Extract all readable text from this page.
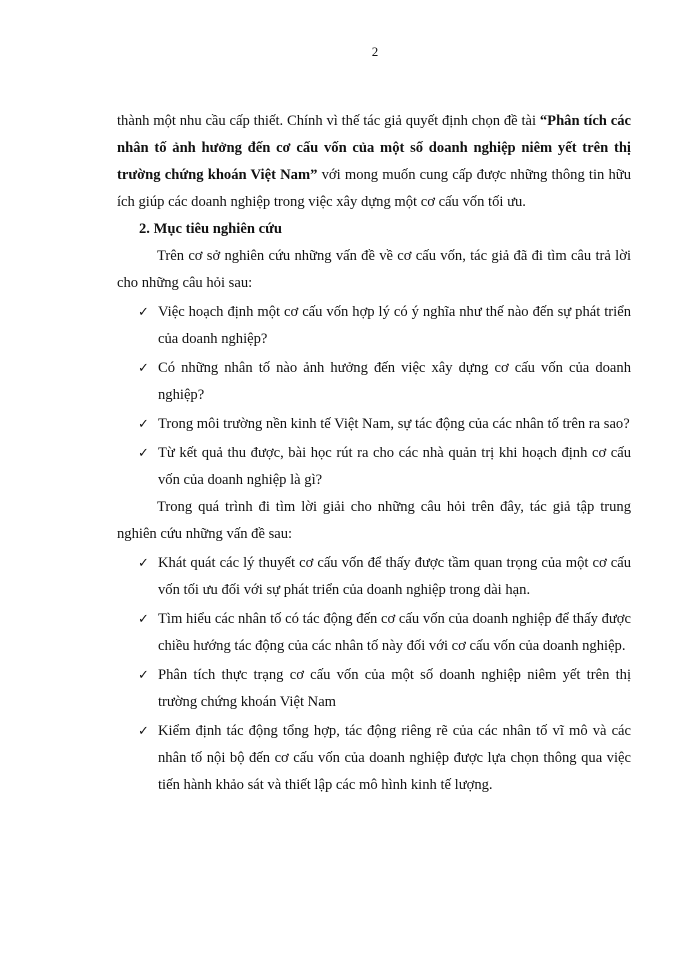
2

thành một nhu cầu cấp thiết. Chính vì thế tác giả quyết định chọn đề tài “Phân tích các nhân tố ảnh hưởng đến cơ cấu vốn của một số doanh nghiệp niêm yết trên thị trường chứng khoán Việt Nam” với mong muốn cung cấp được những thông tin hữu ích giúp các doanh nghiệp trong việc xây dựng một cơ cấu vốn tối ưu.

2. Mục tiêu nghiên cứu

Trên cơ sở nghiên cứu những vấn đề về cơ cấu vốn, tác giả đã đi tìm câu trả lời cho những câu hỏi sau:

✓ Việc hoạch định một cơ cấu vốn hợp lý có ý nghĩa như thế nào đến sự phát triển của doanh nghiệp?
✓ Có những nhân tố nào ảnh hưởng đến việc xây dựng cơ cấu vốn của doanh nghiệp?
✓ Trong môi trường nền kinh tế Việt Nam, sự tác động của các nhân tố trên ra sao?
✓ Từ kết quả thu được, bài học rút ra cho các nhà quản trị khi hoạch định cơ cấu vốn của doanh nghiệp là gì?

Trong quá trình đi tìm lời giải cho những câu hỏi trên đây, tác giả tập trung nghiên cứu những vấn đề sau:

✓ Khát quát các lý thuyết cơ cấu vốn để thấy được tầm quan trọng của một cơ cấu vốn tối ưu đối với sự phát triển của doanh nghiệp trong dài hạn.
✓ Tìm hiểu các nhân tố có tác động đến cơ cấu vốn của doanh nghiệp để thấy được chiều hướng tác động của các nhân tố này đối với cơ cấu vốn của doanh nghiệp.
✓ Phân tích thực trạng cơ cấu vốn của một số doanh nghiệp niêm yết trên thị trường chứng khoán Việt Nam
✓ Kiểm định tác động tổng hợp, tác động riêng rẽ của các nhân tố vĩ mô và các nhân tố nội bộ đến cơ cấu vốn của doanh nghiệp được lựa chọn thông qua việc tiến hành khảo sát và thiết lập các mô hình kinh tế lượng.
